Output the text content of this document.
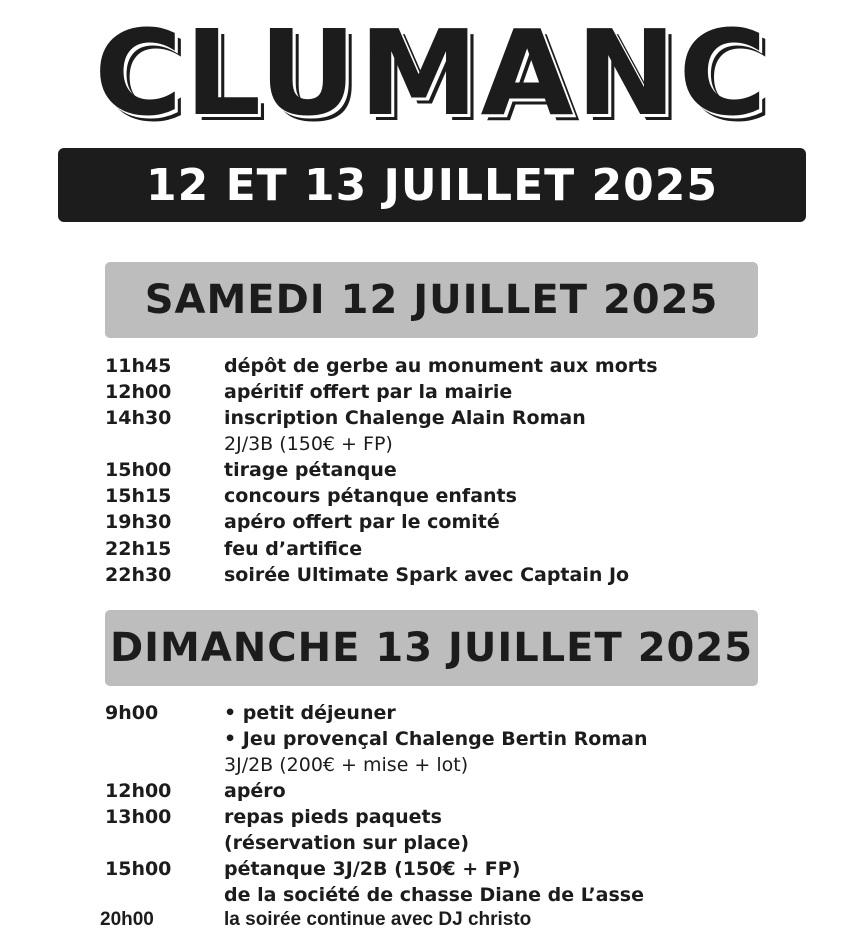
CLUMANC
12 ET 13 JUILLET 2025
SAMEDI 12 JUILLET 2025
11h45	dépôt de gerbe au monument aux morts
12h00	apéritif offert par la mairie
14h30	inscription Chalenge Alain Roman
2J/3B (150€ + FP)
15h00	tirage pétanque
15h15	concours pétanque enfants
19h30	apéro offert par le comité
22h15	feu d’artifice
22h30	soirée Ultimate Spark avec Captain Jo
DIMANCHE 13 JUILLET 2025
9h00	• petit déjeuner
• Jeu provençal Chalenge Bertin Roman
3J/2B (200€ + mise + lot)
12h00	apéro
13h00	repas pieds paquets
(réservation sur place)
15h00	pétanque 3J/2B (150€ + FP)
de la société de chasse Diane de L’asse
20h00	la soirée continue avec DJ christo
